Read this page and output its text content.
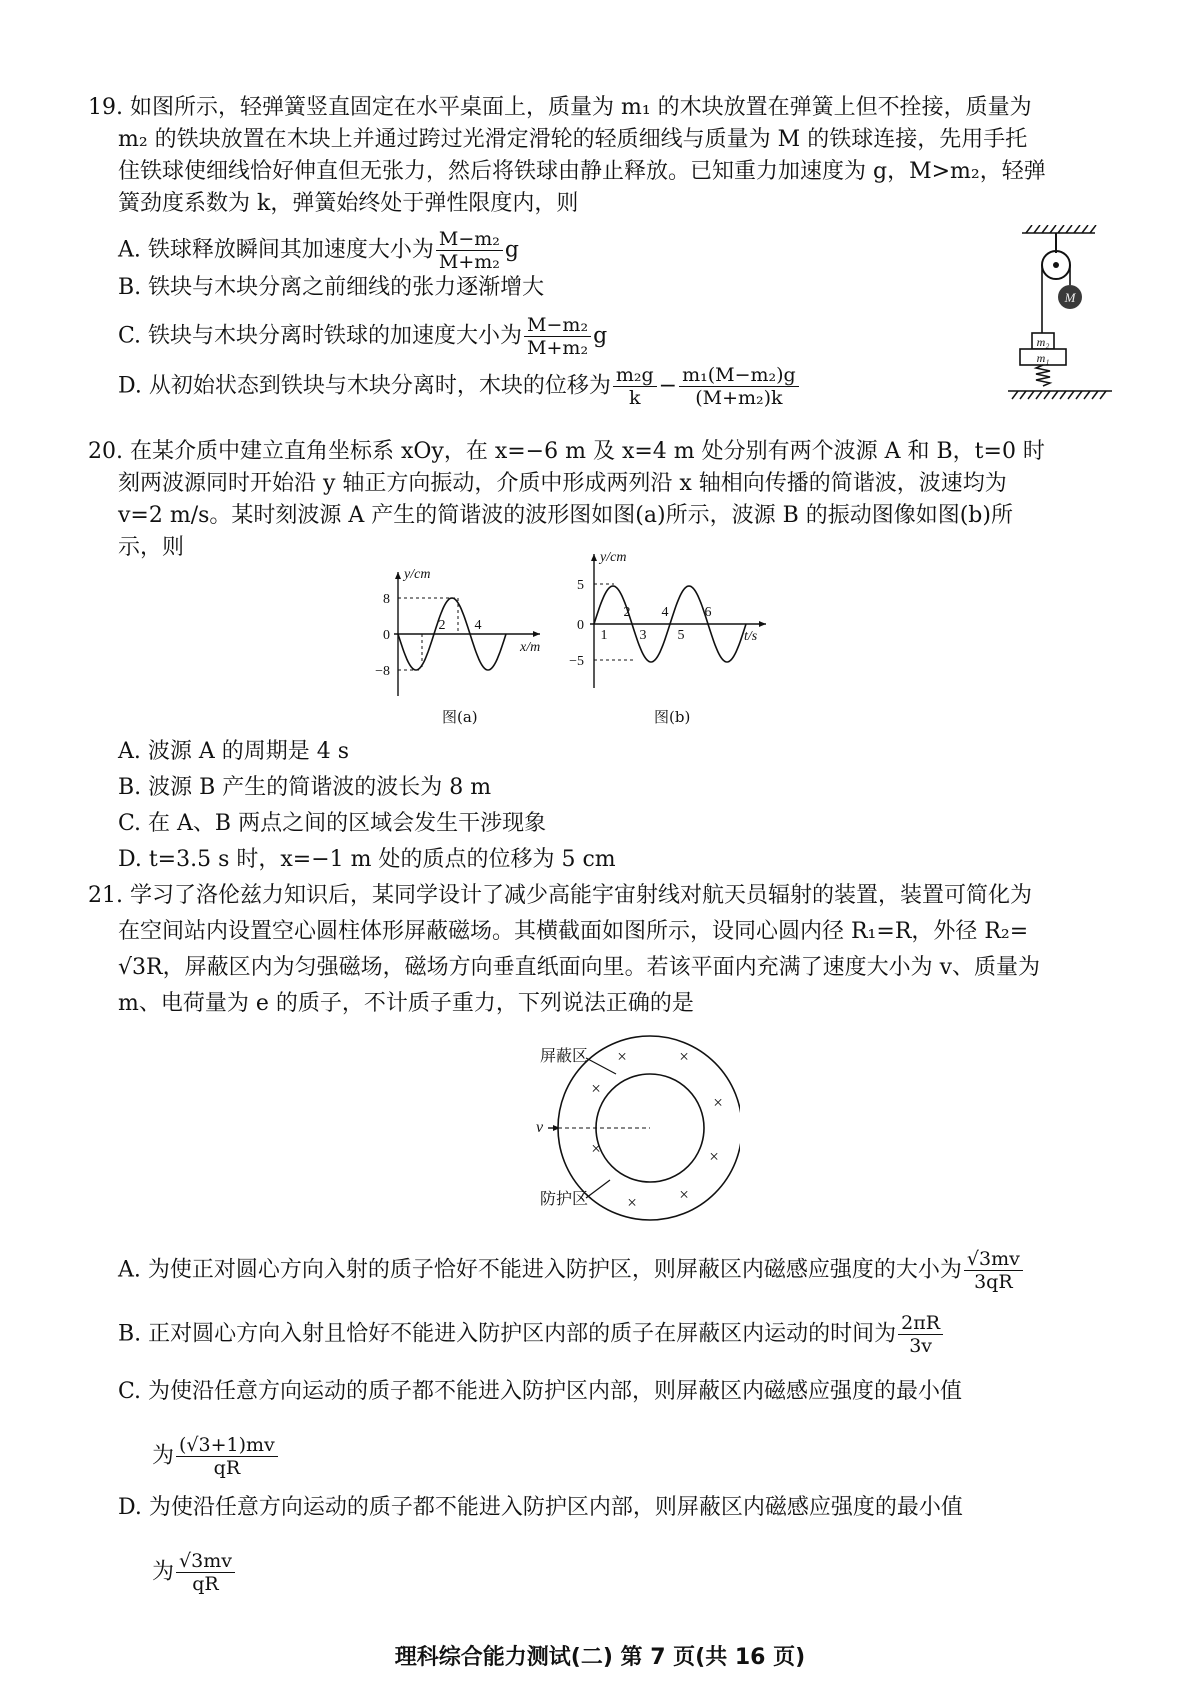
19. 如图所示，轻弹簧竖直固定在水平桌面上，质量为 m₁ 的木块放置在弹簧上但不拴接，质量为
m₂ 的铁块放置在木块上并通过跨过光滑定滑轮的轻质细线与质量为 M 的铁球连接，先用手托
住铁球使细线恰好伸直但无张力，然后将铁球由静止释放。已知重力加速度为 g，M>m₂，轻弹
簧劲度系数为 k，弹簧始终处于弹性限度内，则
A. 铁球释放瞬间其加速度大小为 $\frac{\text{M−m₂}}{\text{M+m₂}}$ g
B. 铁块与木块分离之前细线的张力逐渐增大
C. 铁块与木块分离时铁球的加速度大小为 $\frac{\text{M−m₂}}{\text{M+m₂}}$ g
D. 从初始状态到铁块与木块分离时，木块的位移为 $\frac{\text{m₂g}}{k} - \frac{\text{m₁(M−m₂)g}}{\text{(M+m₂)k}}$
M
m₂
m₁
20. 在某介质中建立直角坐标系 xOy，在 x=−6 m 及 x=4 m 处分别有两个波源 A 和 B，t=0 时
刻两波源同时开始沿 y 轴正方向振动，介质中形成两列沿 x 轴相向传播的简谐波，波速均为
v=2 m/s。某时刻波源 A 产生的简谐波的波形图如图(a)所示，波源 B 的振动图像如图(b)所
示，则
y/cm
x/m
8
0
−8
2 4
图(a)
y/cm
t/s
5
0
−5
1
2
3
4
5
6
图(b)
A. 波源 A 的周期是 4 s
B. 波源 B 产生的简谐波的波长为 8 m
C. 在 A、B 两点之间的区域会发生干涉现象
D. t=3.5 s 时，x=−1 m 处的质点的位移为 5 cm
21. 学习了洛伦兹力知识后，某同学设计了减少高能宇宙射线对航天员辐射的装置，装置可简化为
在空间站内设置空心圆柱体形屏蔽磁场。其横截面如图所示，设同心圆内径 R₁=R，外径 R₂=
√3R，屏蔽区内为匀强磁场，磁场方向垂直纸面向里。若该平面内充满了速度大小为 v、质量为
m、电荷量为 e 的质子，不计质子重力，下列说法正确的是
屏蔽区
v
防护区
×	×
×
×
×
×
×
×
A. 为使正对圆心方向入射的质子恰好不能进入防护区，则屏蔽区内磁感应强度的大小为 $\frac{√3mv}{3qR}$
B. 正对圆心方向入射且恰好不能进入防护区内部的质子在屏蔽区内运动的时间为 $\frac{2\pi R}{3v}$
C. 为使沿任意方向运动的质子都不能进入防护区内部，则屏蔽区内磁感应强度的最小值
为 $\frac{(√3+1)mv}{qR}$
D. 为使沿任意方向运动的质子都不能进入防护区内部，则屏蔽区内磁感应强度的最小值
为 $\frac{√3mv}{qR}$
理科综合能力测试(二) 第 7 页(共 16 页)
